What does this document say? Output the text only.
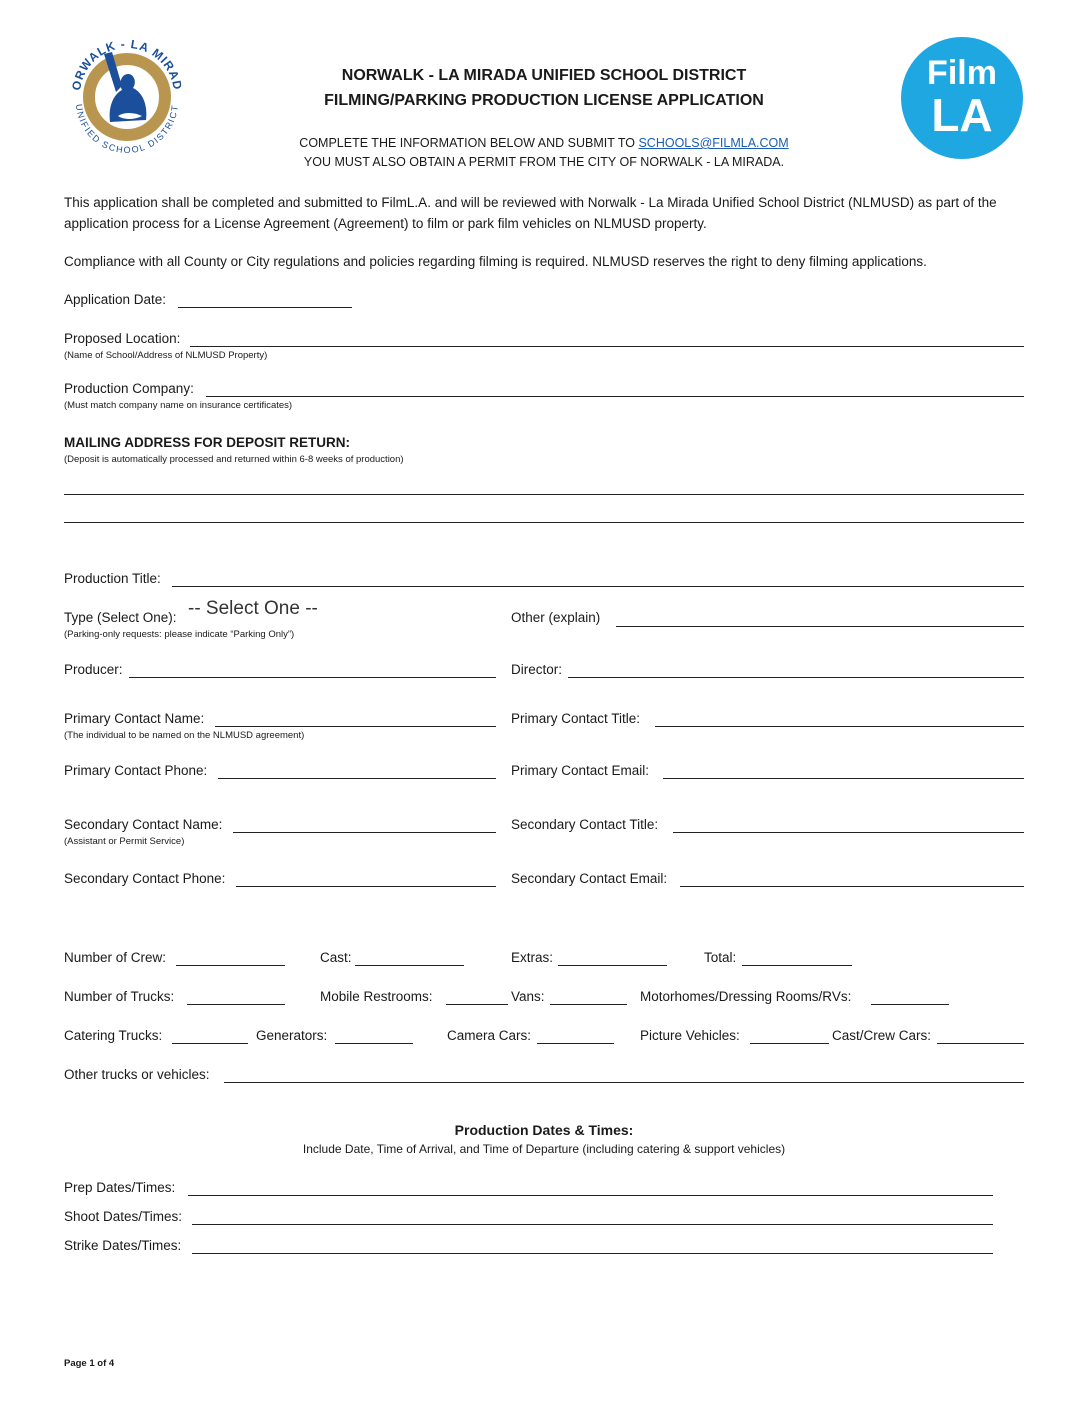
ORWALK - LA MIRAD
UNIFIED SCHOOL DISTRICT
Film
LA
NORWALK - LA MIRADA UNIFIED SCHOOL DISTRICT
FILMING/PARKING PRODUCTION LICENSE APPLICATION
COMPLETE THE INFORMATION BELOW AND SUBMIT TO SCHOOLS@FILMLA.COM
YOU MUST ALSO OBTAIN A PERMIT FROM THE CITY OF NORWALK - LA MIRADA.
This application shall be completed and submitted to FilmL.A. and will be reviewed with Norwalk - La Mirada Unified School District (NLMUSD) as part of the application process for a License Agreement (Agreement) to film or park film vehicles on NLMUSD property.
Compliance with all County or City regulations and policies regarding filming is required. NLMUSD reserves the right to deny filming applications.
Application Date:
Proposed Location:
(Name of School/Address of NLMUSD Property)
Production Company:
(Must match company name on insurance certificates)
MAILING ADDRESS FOR DEPOSIT RETURN:
(Deposit is automatically processed and returned within 6-8 weeks of production)
Production Title:
Type (Select One): -- Select One --
(Parking-only requests: please indicate “Parking Only”)
Other (explain)
Producer:	Director:
Primary Contact Name:
(The individual to be named on the NLMUSD agreement)
Primary Contact Title:
Primary Contact Phone:	Primary Contact Email:
Secondary Contact Name:
(Assistant or Permit Service)
Secondary Contact Title:
Secondary Contact Phone:	Secondary Contact Email:
Number of Crew:	Cast:	Extras:	Total:
Number of Trucks:	Mobile Restrooms:	Vans:	Motorhomes/Dressing Rooms/RVs:
Catering Trucks:	Generators:	Camera Cars:	Picture Vehicles:	Cast/Crew Cars:
Other trucks or vehicles:
Production Dates & Times:
Include Date, Time of Arrival, and Time of Departure (including catering & support vehicles)
Prep Dates/Times:
Shoot Dates/Times:
Strike Dates/Times:
Page 1 of 4
